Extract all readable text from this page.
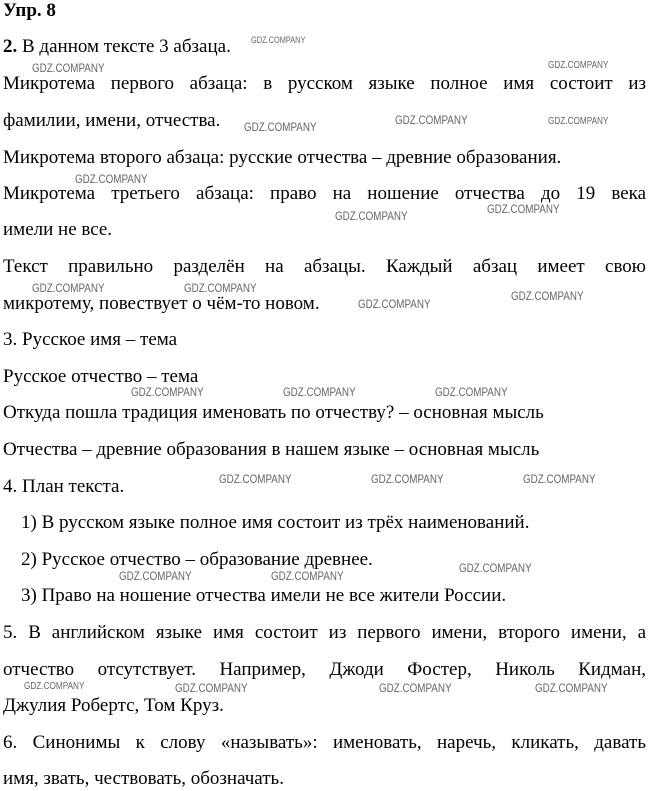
Упр. 8
2. В данном тексте 3 абзаца.
Микротема первого абзаца: в русском языке полное имя состоит из
фамилии, имени, отчества.
Микротема второго абзаца: русские отчества – древние образования.
Микротема третьего абзаца: право на ношение отчества до 19 века
имели не все.
Текст правильно разделён на абзацы. Каждый абзац имеет свою
микротему, повествует о чём-то новом.
3. Русское имя – тема
Русское отчество – тема
Откуда пошла традиция именовать по отчеству? – основная мысль
Отчества – древние образования в нашем языке – основная мысль
4. План текста.
1) В русском языке полное имя состоит из трёх наименований.
2) Русское отчество – образование древнее.
3) Право на ношение отчества имели не все жители России.
5. В английском языке имя состоит из первого имени, второго имени, а
отчество отсутствует. Например, Джоди Фостер, Николь Кидман,
Джулия Робертс, Том Круз.
6. Синонимы к слову «называть»: именовать, наречь, кликать, давать
имя, звать, чествовать, обозначать.
GDZ.COMPANY
GDZ.COMPANY	GDZ.COMPANY
GDZ.COMPANY	GDZ.COMPANY	GDZ.COMPANY
GDZ.COMPANY
GDZ.COMPANY
GDZ.COMPANY
GDZ.COMPANY	GDZ.COMPANY
GDZ.COMPANY
GDZ.COMPANY
GDZ.COMPANY	GDZ.COMPANY	GDZ.COMPANY
GDZ.COMPANY	GDZ.COMPANY	GDZ.COMPANY
GDZ.COMPANY	GDZ.COMPANY
GDZ.COMPANY
GDZ.COMPANY	GDZ.COMPANY	GDZ.COMPANY	GDZ.COMPANY
